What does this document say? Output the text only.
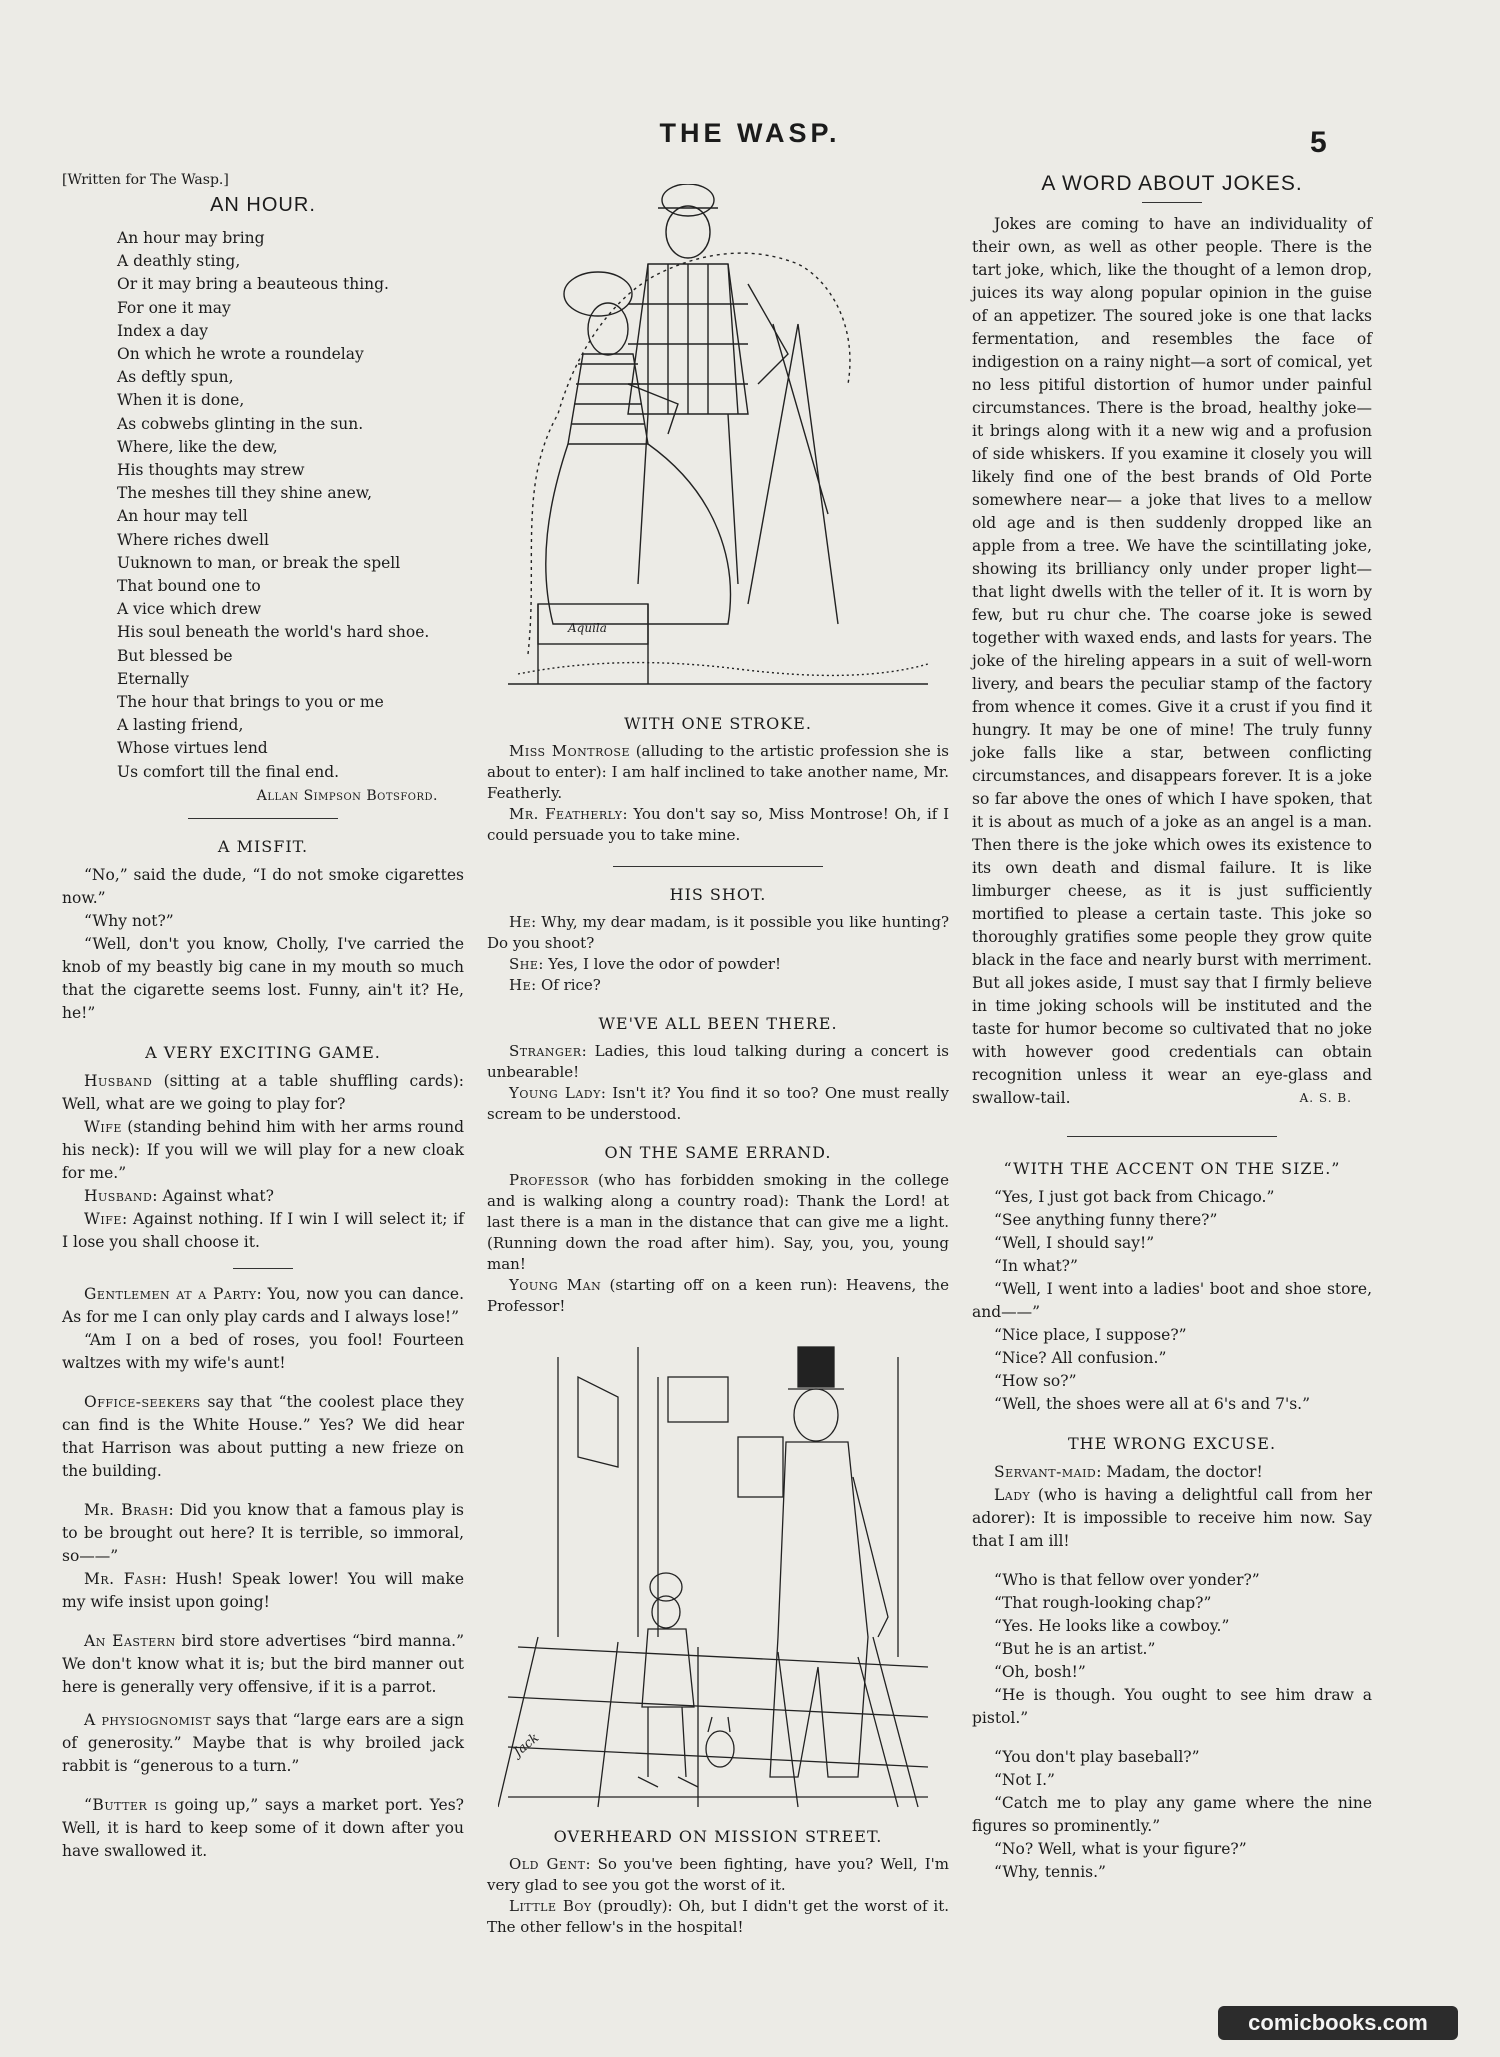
THE WASP.	5
[Written for The Wasp.]
AN HOUR.
An hour may bring
A deathly sting,
Or it may bring a beauteous thing.
For one it may
Index a day
On which he wrote a roundelay
As deftly spun,
When it is done,
As cobwebs glinting in the sun.
Where, like the dew,
His thoughts may strew
The meshes till they shine anew,
An hour may tell
Where riches dwell
Uuknown to man, or break the spell
That bound one to
A vice which drew
His soul beneath the world's hard shoe.
But blessed be
Eternally
The hour that brings to you or me
A lasting friend,
Whose virtues lend
Us comfort till the final end.
Allan Simpson Botsford.
A MISFIT.

“No,” said the dude, “I do not smoke cigarettes now.”

“Why not?”

“Well, don't you know, Cholly, I've carried the knob of my beastly big cane in my mouth so much that the cigarette seems lost. Funny, ain't it? He, he!”

A VERY EXCITING GAME.

Husband (sitting at a table shuffling cards): Well, what are we going to play for?

Wife (standing behind him with her arms round his neck): If you will we will play for a new cloak for me.”

Husband: Against what?

Wife: Against nothing. If I win I will select it; if I lose you shall choose it.

Gentlemen at a Party: You, now you can dance. As for me I can only play cards and I always lose!”

“Am I on a bed of roses, you fool! Fourteen waltzes with my wife's aunt!

Office-seekers say that “the coolest place they can find is the White House.” Yes? We did hear that Harrison was about putting a new frieze on the building.

Mr. Brash: Did you know that a famous play is to be brought out here? It is terrible, so immoral, so——”

Mr. Fash: Hush! Speak lower! You will make my wife insist upon going!

An Eastern bird store advertises “bird manna.” We don't know what it is; but the bird manner out here is generally very offensive, if it is a parrot.

A physiognomist says that “large ears are a sign of generosity.” Maybe that is why broiled jack rabbit is “generous to a turn.”

“Butter is going up,” says a market port. Yes? Well, it is hard to keep some of it down after you have swallowed it.

Aquila
WITH ONE STROKE.

Miss Montrose (alluding to the artistic profession she is about to enter): I am half inclined to take another name, Mr. Featherly.

Mr. Featherly: You don't say so, Miss Montrose! Oh, if I could persuade you to take mine.

HIS SHOT.

He: Why, my dear madam, is it possible you like hunting? Do you shoot?

She: Yes, I love the odor of powder!

He: Of rice?

WE'VE ALL BEEN THERE.

Stranger: Ladies, this loud talking during a concert is unbearable!

Young Lady: Isn't it? You find it so too? One must really scream to be understood.

ON THE SAME ERRAND.

Professor (who has forbidden smoking in the college and is walking along a country road): Thank the Lord! at last there is a man in the distance that can give me a light. (Running down the road after him). Say, you, you, young man!

Young Man (starting off on a keen run): Heavens, the Professor!

Jack
OVERHEARD ON MISSION STREET.

Old Gent: So you've been fighting, have you? Well, I'm very glad to see you got the worst of it.

Little Boy (proudly): Oh, but I didn't get the worst of it. The other fellow's in the hospital!

A WORD ABOUT JOKES.

Jokes are coming to have an individuality of their own, as well as other people. There is the tart joke, which, like the thought of a lemon drop, juices its way along popular opinion in the guise of an appetizer. The soured joke is one that lacks fermentation, and resembles the face of indigestion on a rainy night—a sort of comical, yet no less pitiful distortion of humor under painful circumstances. There is the broad, healthy joke—it brings along with it a new wig and a profusion of side whiskers. If you examine it closely you will likely find one of the best brands of Old Porte somewhere near— a joke that lives to a mellow old age and is then suddenly dropped like an apple from a tree. We have the scintillating joke, showing its brilliancy only under proper light—that light dwells with the teller of it. It is worn by few, but ru chur che. The coarse joke is sewed together with waxed ends, and lasts for years. The joke of the hireling appears in a suit of well-worn livery, and bears the peculiar stamp of the factory from whence it comes. Give it a crust if you find it hungry. It may be one of mine! The truly funny joke falls like a star, between conflicting circumstances, and disappears forever. It is a joke so far above the ones of which I have spoken, that it is about as much of a joke as an angel is a man. Then there is the joke which owes its existence to its own death and dismal failure. It is like limburger cheese, as it is just sufficiently mortified to please a certain taste. This joke so thoroughly gratifies some people they grow quite black in the face and nearly burst with merriment. But all jokes aside, I must say that I firmly believe in time joking schools will be instituted and the taste for humor become so cultivated that no joke with however good credentials can obtain recognition unless it wear an eye-glass and swallow-tail.	A. S. B.

“WITH THE ACCENT ON THE SIZE.”

“Yes, I just got back from Chicago.”

“See anything funny there?”

“Well, I should say!”

“In what?”

“Well, I went into a ladies' boot and shoe store, and——”

“Nice place, I suppose?”

“Nice? All confusion.”

“How so?”

“Well, the shoes were all at 6's and 7's.”

THE WRONG EXCUSE.

Servant-maid: Madam, the doctor!

Lady (who is having a delightful call from her adorer): It is impossible to receive him now. Say that I am ill!

“Who is that fellow over yonder?”

“That rough-looking chap?”

“Yes. He looks like a cowboy.”

“But he is an artist.”

“Oh, bosh!”

“He is though. You ought to see him draw a pistol.”

“You don't play baseball?”

“Not I.”

“Catch me to play any game where the nine figures so prominently.”

“No? Well, what is your figure?”

“Why, tennis.”

comicbooks.com
